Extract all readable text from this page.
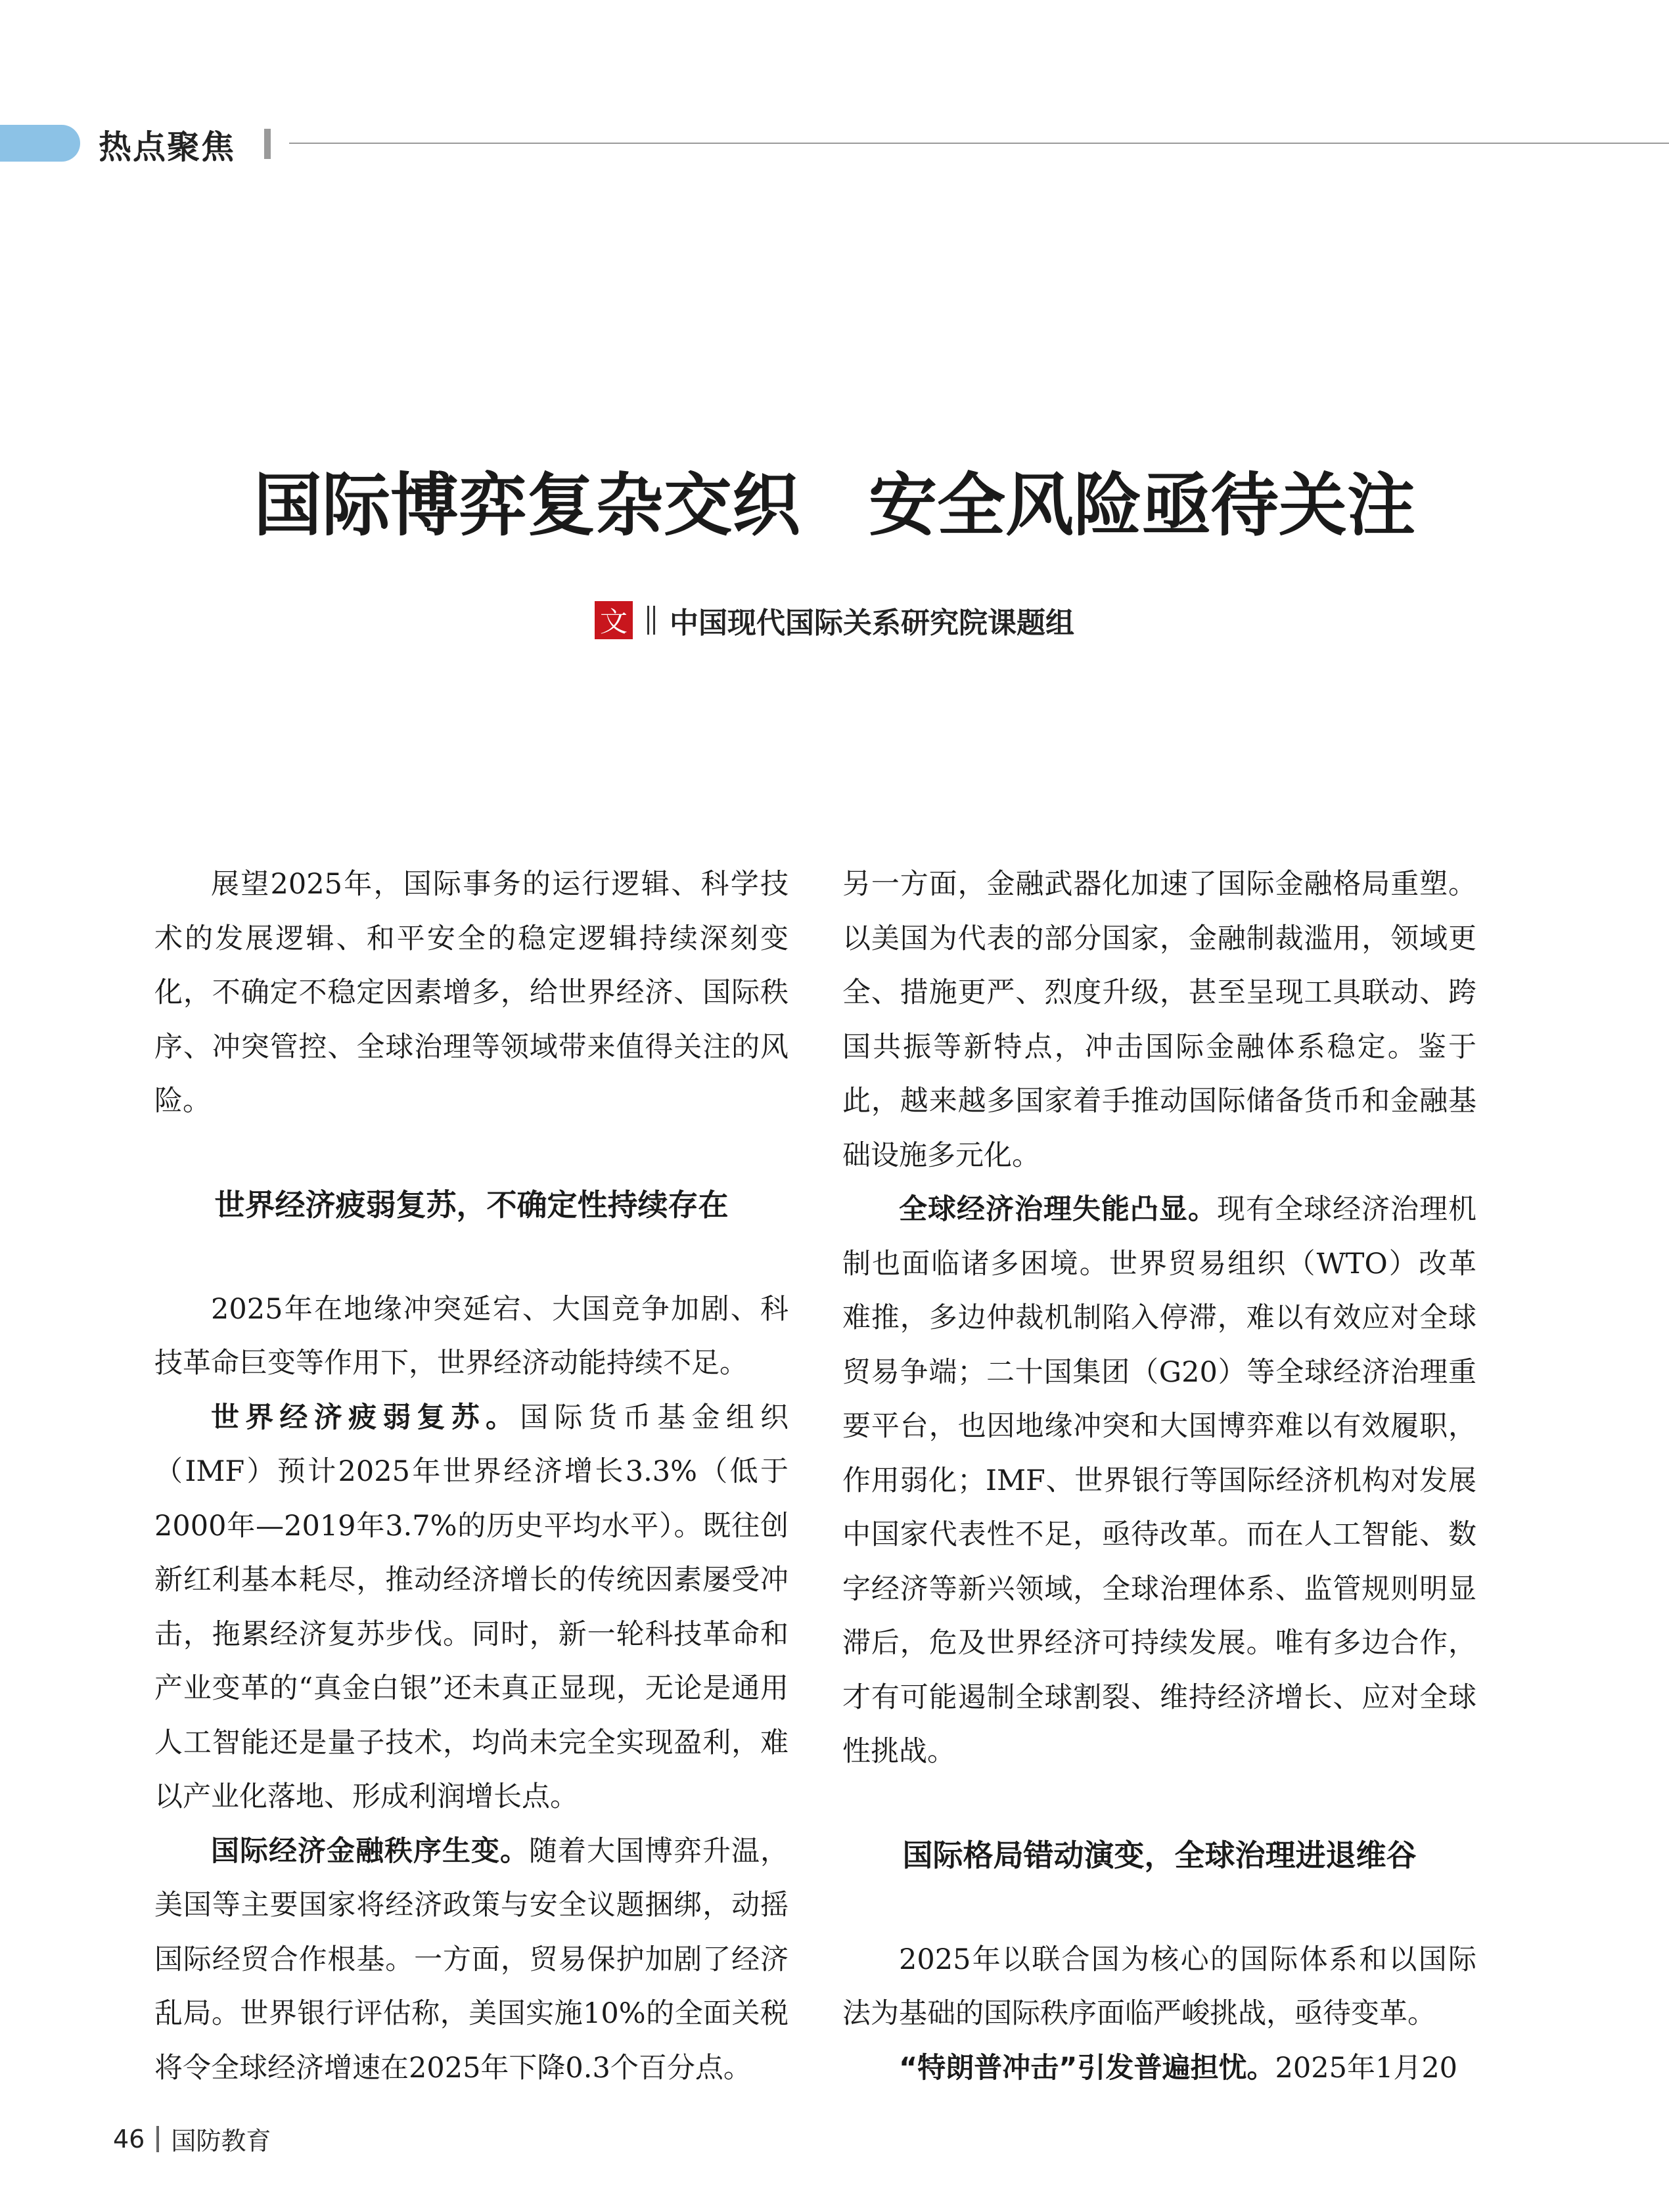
热点聚焦
国际博弈复杂交织　安全风险亟待关注
文 中国现代国际关系研究院课题组

展望2025年，国际事务的运行逻辑、科学技术的发展逻辑、和平安全的稳定逻辑持续深刻变化，不确定不稳定因素增多，给世界经济、国际秩序、冲突管控、全球治理等领域带来值得关注的风险。

世界经济疲弱复苏，不确定性持续存在

2025年在地缘冲突延宕、大国竞争加剧、科技革命巨变等作用下，世界经济动能持续不足。

世界经济疲弱复苏。国际货币基金组织（IMF）预计2025年世界经济增长3.3%（低于2000年—2019年3.7%的历史平均水平）。既往创新红利基本耗尽，推动经济增长的传统因素屡受冲击，拖累经济复苏步伐。同时，新一轮科技革命和产业变革的“真金白银”还未真正显现，无论是通用人工智能还是量子技术，均尚未完全实现盈利，难以产业化落地、形成利润增长点。

国际经济金融秩序生变。随着大国博弈升温，美国等主要国家将经济政策与安全议题捆绑，动摇国际经贸合作根基。一方面，贸易保护加剧了经济乱局。世界银行评估称，美国实施10%的全面关税将令全球经济增速在2025年下降0.3个百分点。

另一方面，金融武器化加速了国际金融格局重塑。以美国为代表的部分国家，金融制裁滥用，领域更全、措施更严、烈度升级，甚至呈现工具联动、跨国共振等新特点，冲击国际金融体系稳定。鉴于此，越来越多国家着手推动国际储备货币和金融基础设施多元化。

全球经济治理失能凸显。现有全球经济治理机制也面临诸多困境。世界贸易组织（WTO）改革难推，多边仲裁机制陷入停滞，难以有效应对全球贸易争端；二十国集团（G20）等全球经济治理重要平台，也因地缘冲突和大国博弈难以有效履职，作用弱化；IMF、世界银行等国际经济机构对发展中国家代表性不足，亟待改革。而在人工智能、数字经济等新兴领域，全球治理体系、监管规则明显滞后，危及世界经济可持续发展。唯有多边合作，才有可能遏制全球割裂、维持经济增长、应对全球性挑战。

国际格局错动演变，全球治理进退维谷

2025年以联合国为核心的国际体系和以国际法为基础的国际秩序面临严峻挑战，亟待变革。

“特朗普冲击”引发普遍担忧。2025年1月20

46 国防教育
